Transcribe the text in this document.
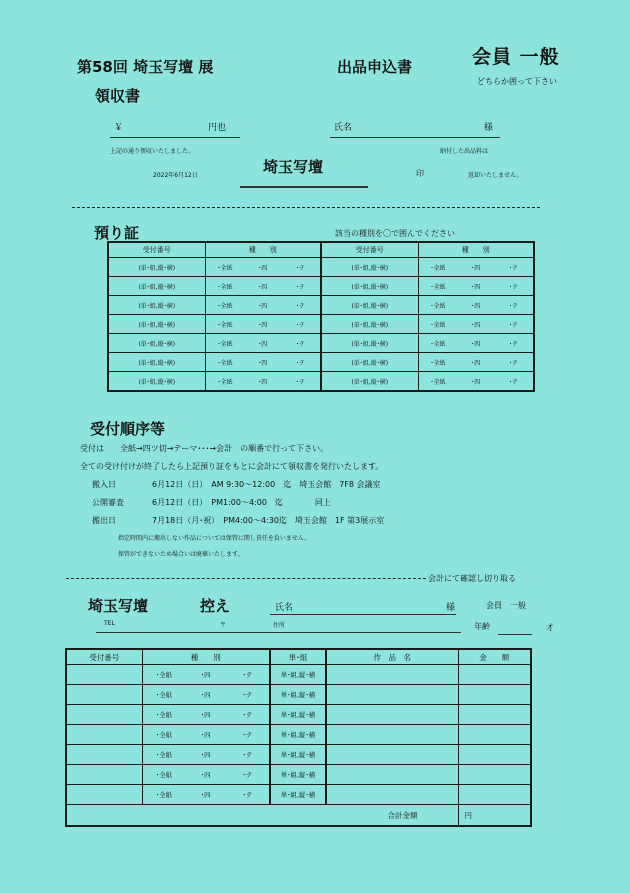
第58回 埼玉写壇 展	出品申込書	会員 一般
どちらか囲って下さい
領収書
￥	円也	氏名	様
上記の通り領収いたしました。	納付した出品料は
2022年6月12日	埼玉写壇	印	返却いたしません。
預り証	該当の種別を〇で囲んでください
受付番号	種　　別	受付番号	種　　別
(単･組,縦･横)	･全紙 ･四 ･テ	(単･組,縦･横)	･全紙 ･四 ･テ
(単･組,縦･横)	･全紙 ･四 ･テ	(単･組,縦･横)	･全紙 ･四 ･テ
(単･組,縦･横)	･全紙 ･四 ･テ	(単･組,縦･横)	･全紙 ･四 ･テ
(単･組,縦･横)	･全紙 ･四 ･テ	(単･組,縦･横)	･全紙 ･四 ･テ
(単･組,縦･横)	･全紙 ･四 ･テ	(単･組,縦･横)	･全紙 ･四 ･テ
(単･組,縦･横)	･全紙 ･四 ･テ	(単･組,縦･横)	･全紙 ･四 ･テ
(単･組,縦･横)	･全紙 ･四 ･テ	(単･組,縦･横)	･全紙 ･四 ･テ
受付順序等
受付は 全紙→四ツ切→テーマ･･･→会計　の順番で行って下さい。
全ての受け付けが終了したら上記預り証をもとに会計にて領収書を発行いたします。
搬入日	6月12日（日）　AM 9:30～12:00　迄　埼玉会館　7F8 会議室
公開審査	6月12日（日）　PM1:00～4:00　迄　　　　同上
搬出日	7月18日（月･祝）　PM4:00～4:30迄　埼玉会館　1F 第3展示室
指定時間内に搬出しない作品については保管に関し責任を負いません。
保管ができないため場合いは廃棄いたします。
会計にて確認し切り取る
埼玉写壇	控え	氏名	様	会員　一般
TEL	〒	住所	年齢	才
受付番号	種　　別	単･組	作　品　名	金　　額
	･全紙 ･四 ･テ	単･組,縦･横		
	･全紙 ･四 ･テ	単･組,縦･横		
	･全紙 ･四 ･テ	単･組,縦･横		
	･全紙 ･四 ･テ	単･組,縦･横		
	･全紙 ･四 ･テ	単･組,縦･横		
	･全紙 ･四 ･テ	単･組,縦･横		
	･全紙 ･四 ･テ	単･組,縦･横		
合計金額				円
